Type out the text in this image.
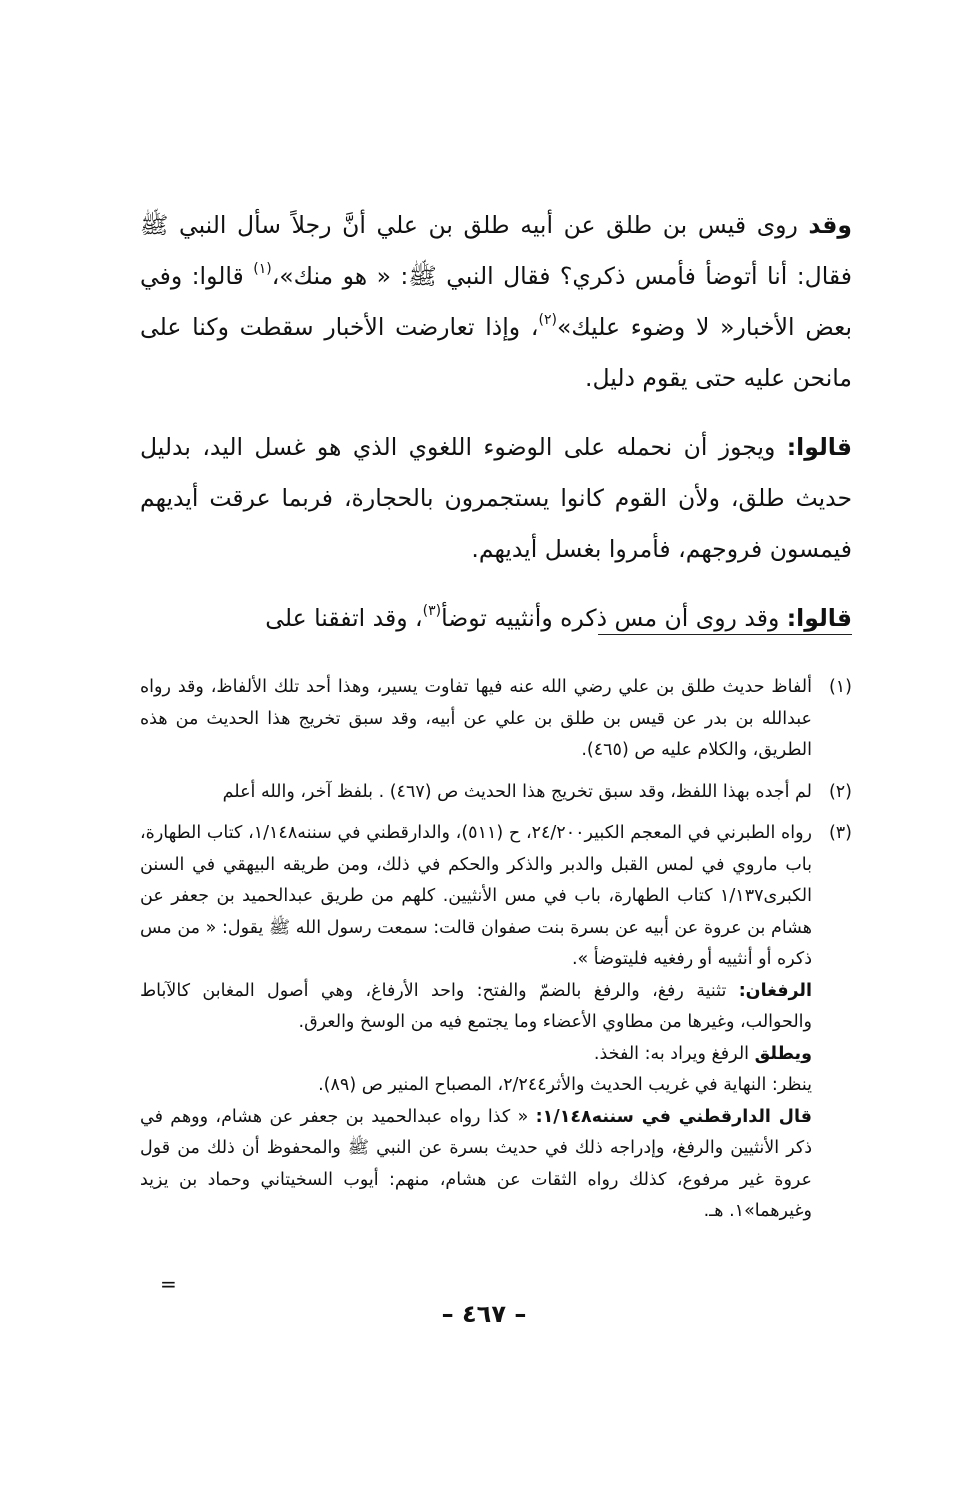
وقد روى قيس بن طلق عن أبيه طلق بن علي أنَّ رجلاً سأل النبي ﷺ فقال: أنا أتوضأ فأمس ذكري؟ فقال النبي ﷺ: « هو منك»،$^{(١)}$ قالوا: وفي بعض الأخبار« لا وضوء عليك»$^{(٢)}$، وإذا تعارضت الأخبار سقطت وكنا على مانحن عليه حتى يقوم دليل.

قالوا: ويجوز أن نحمله على الوضوء اللغوي الذي هو غسل اليد، بدليل حديث طلق، ولأن القوم كانوا يستجمرون بالحجارة، فربما عرقت أيديهم فيمسون فروجهم، فأمروا بغسل أيديهم.

قالوا: وقد روى أن مس ذكره وأنثييه توضأ$^{(٣)}$، وقد اتفقنا على

(١)
ألفاظ حديث طلق بن علي رضي الله عنه فيها تفاوت يسير، وهذا أحد تلك الألفاظ، وقد رواه عبدالله بن بدر عن قيس بن طلق بن علي عن أبيه، وقد سبق تخريج هذا الحديث من هذه الطريق، والكلام عليه ص (٤٦٥).
(٢)
لم أجده بهذا اللفظ، وقد سبق تخريج هذا الحديث ص (٤٦٧) . بلفظ آخر، والله أعلم
(٣)
رواه الطبرني في المعجم الكبير٢٤/٢٠٠، ح (٥١١)، والدارقطني في سننه١/١٤٨، كتاب الطهارة، باب ماروي في لمس القبل والدبر والذكر والحكم في ذلك، ومن طريقه البيهقي في السنن الكبرى١/١٣٧ كتاب الطهارة، باب في مس الأنثيين. كلهم من طريق عبدالحميد بن جعفر عن هشام بن عروة عن أبيه عن بسرة بنت صفوان قالت: سمعت رسول الله ﷺ يقول: « من مس ذكره أو أنثييه أو رفغيه فليتوضأ ».
الرفغان: تثنية رفغ، والرفغ بالضمّ والفتح: واحد الأرفاغ، وهي أصول المغابن كالآباط والحوالب، وغيرها من مطاوي الأعضاء وما يجتمع فيه من الوسخ والعرق.
ويطلق الرفغ ويراد به: الفخذ.
ينظر: النهاية في غريب الحديث والأثر٢/٢٤٤، المصباح المنير ص (٨٩).
قال الدارقطني في سننه١/١٤٨: « كذا رواه عبدالحميد بن جعفر عن هشام، ووهم في ذكر الأنثيين والرفغ، وإدراجه ذلك في حديث بسرة عن النبي ﷺ والمحفوظ أن ذلك من قول عروة غير مرفوع، كذلك رواه الثقات عن هشام، منهم: أيوب السخيتاني وحماد بن يزيد وغيرهما»١. هـ.
=
– ٤٦٧ –
